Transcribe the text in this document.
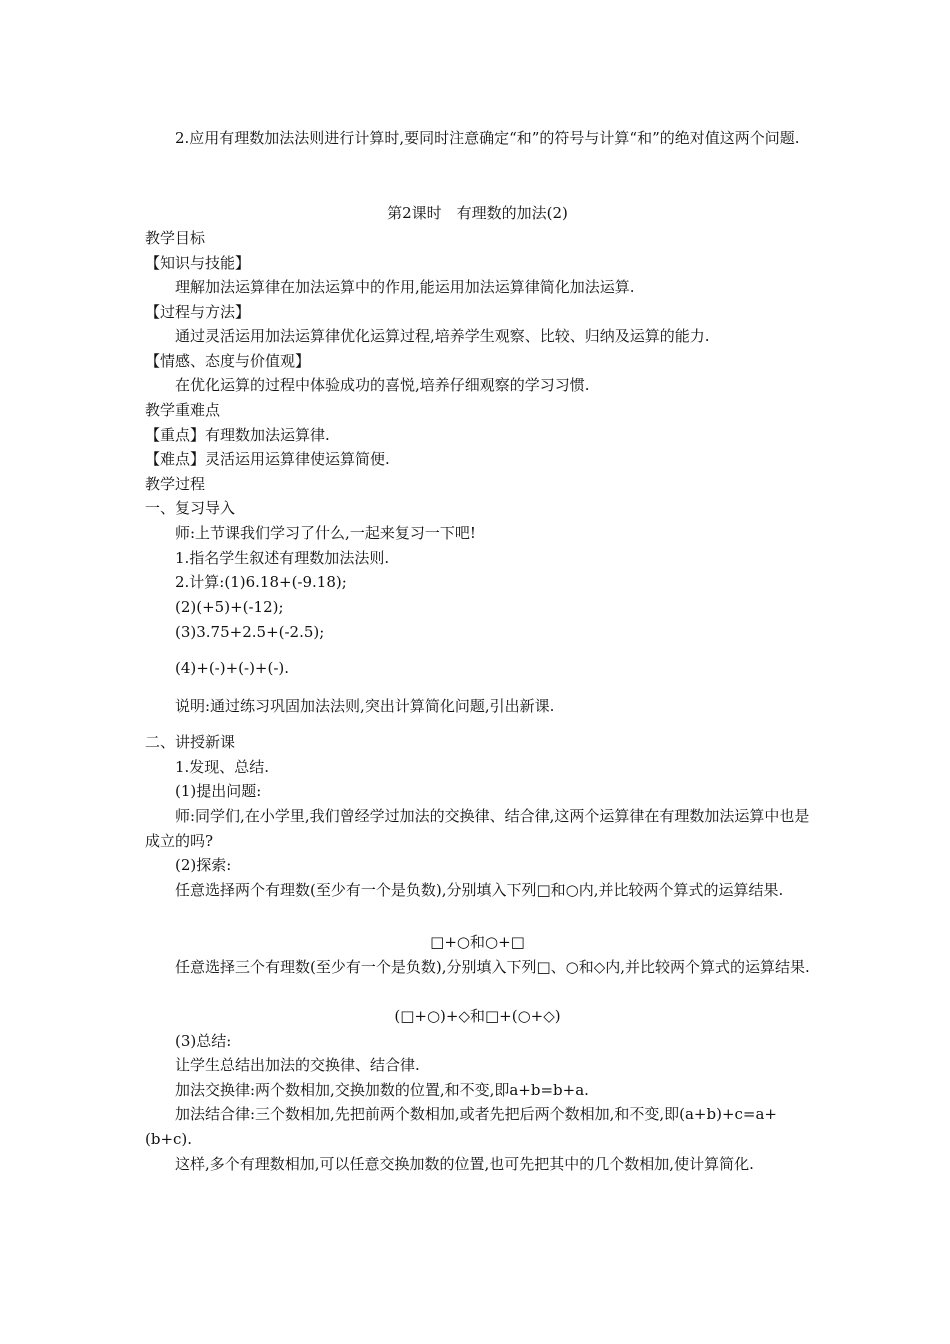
2.应用有理数加法法则进行计算时,要同时注意确定“和”的符号与计算“和”的绝对值这两个问题.
第2课时　有理数的加法(2)
教学目标
【知识与技能】
理解加法运算律在加法运算中的作用,能运用加法运算律简化加法运算.
【过程与方法】
通过灵活运用加法运算律优化运算过程,培养学生观察、比较、归纳及运算的能力.
【情感、态度与价值观】
在优化运算的过程中体验成功的喜悦,培养仔细观察的学习习惯.
教学重难点
【重点】有理数加法运算律.
【难点】灵活运用运算律使运算简便.
教学过程
一、复习导入
师:上节课我们学习了什么,一起来复习一下吧!
1.指名学生叙述有理数加法法则.
2.计算:(1)6.18+(-9.18);
(2)(+5)+(-12);
(3)3.75+2.5+(-2.5);
(4)+(-)+(-)+(-).
说明:通过练习巩固加法法则,突出计算简化问题,引出新课.
二、讲授新课
1.发现、总结.
(1)提出问题:
师:同学们,在小学里,我们曾经学过加法的交换律、结合律,这两个运算律在有理数加法运算中也是成立的吗?
(2)探索:
任意选择两个有理数(至少有一个是负数),分别填入下列□和○内,并比较两个算式的运算结果.
□+○和○+□
任意选择三个有理数(至少有一个是负数),分别填入下列□、○和◇内,并比较两个算式的运算结果.
(□+○)+◇和□+(○+◇)
(3)总结:
让学生总结出加法的交换律、结合律.
加法交换律:两个数相加,交换加数的位置,和不变,即a+b=b+a.
加法结合律:三个数相加,先把前两个数相加,或者先把后两个数相加,和不变,即(a+b)+c=a+(b+c).
这样,多个有理数相加,可以任意交换加数的位置,也可先把其中的几个数相加,使计算简化.
